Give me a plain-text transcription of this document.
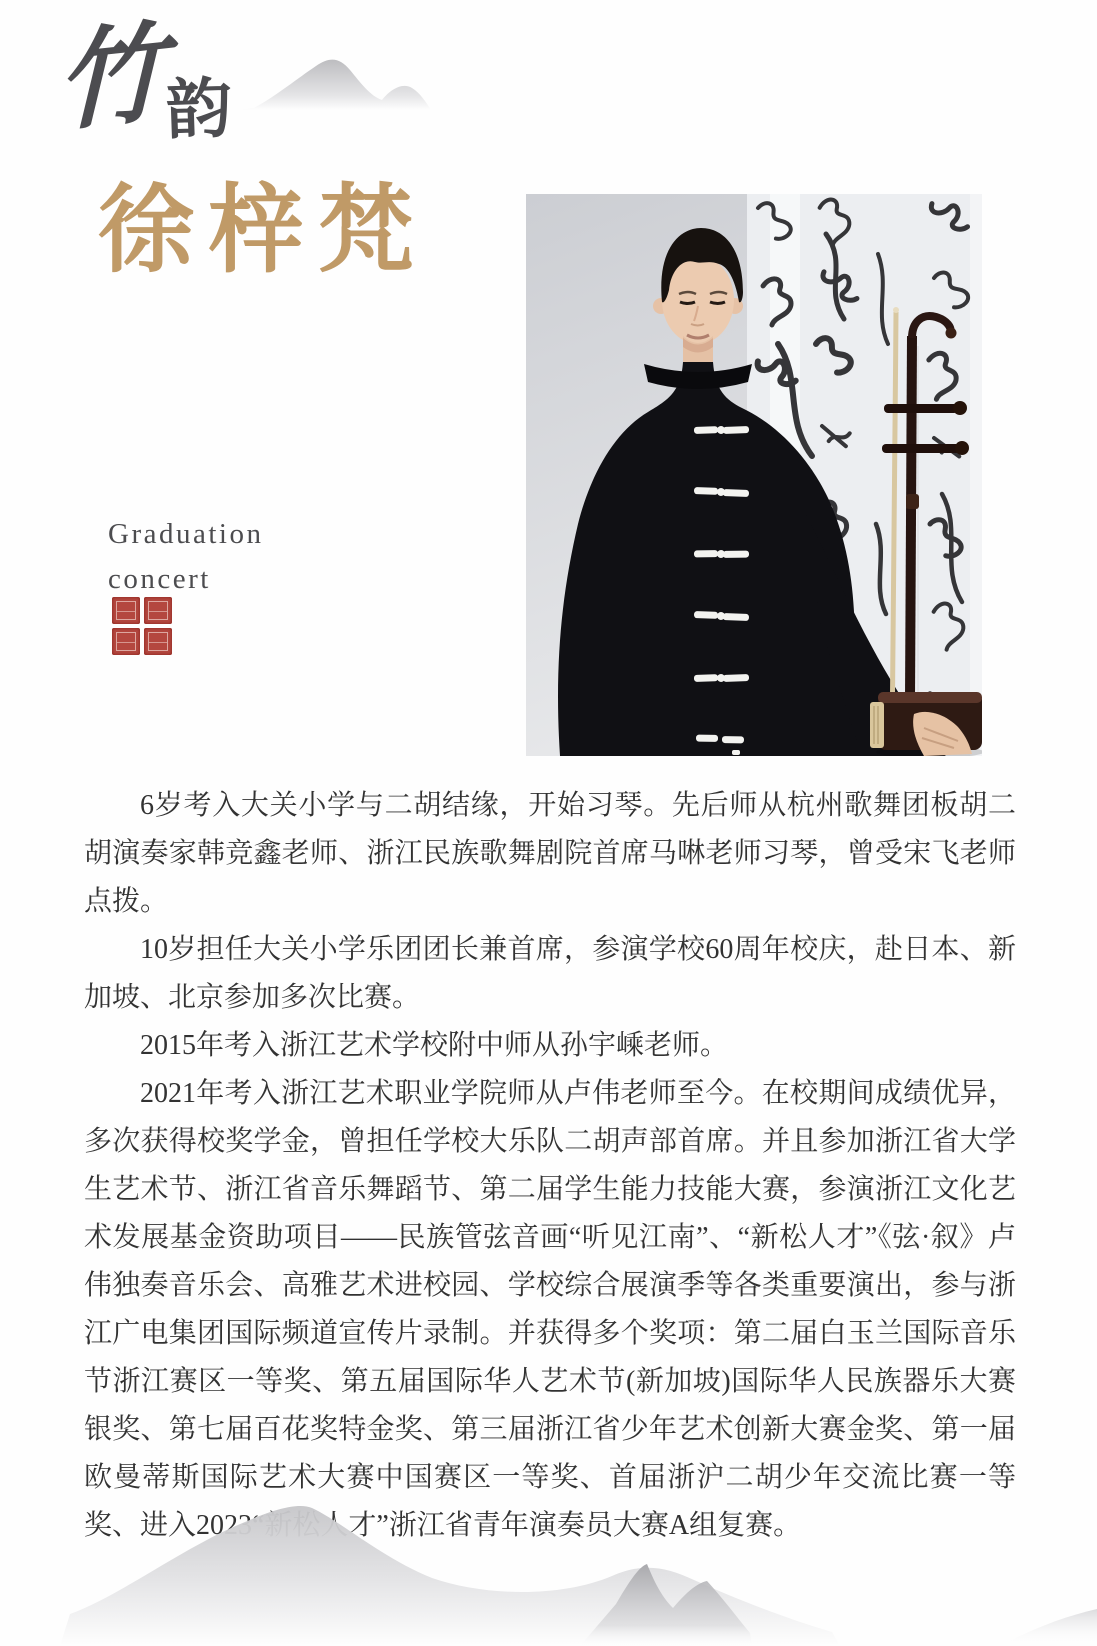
竹 韵
徐梓梵
Graduation
concert

6岁考入大关小学与二胡结缘，开始习琴。先后师从杭州歌舞团板胡二胡演奏家韩竞鑫老师、浙江民族歌舞剧院首席马啉老师习琴，曾受宋飞老师点拨。

10岁担任大关小学乐团团长兼首席，参演学校60周年校庆，赴日本、新加坡、北京参加多次比赛。

2015年考入浙江艺术学校附中师从孙宇嵊老师。

2021年考入浙江艺术职业学院师从卢伟老师至今。在校期间成绩优异，多次获得校奖学金，曾担任学校大乐队二胡声部首席。并且参加浙江省大学生艺术节、浙江省音乐舞蹈节、第二届学生能力技能大赛，参演浙江文化艺术发展基金资助项目——民族管弦音画“听见江南”、“新松人才”《弦·叙》卢伟独奏音乐会、高雅艺术进校园、学校综合展演季等各类重要演出，参与浙江广电集团国际频道宣传片录制。并获得多个奖项：第二届白玉兰国际音乐节浙江赛区一等奖、第五届国际华人艺术节(新加坡)国际华人民族器乐大赛银奖、第七届百花奖特金奖、第三届浙江省少年艺术创新大赛金奖、第一届欧曼蒂斯国际艺术大赛中国赛区一等奖、首届浙沪二胡少年交流比赛一等奖、进入2023“新松人才”浙江省青年演奏员大赛A组复赛。
